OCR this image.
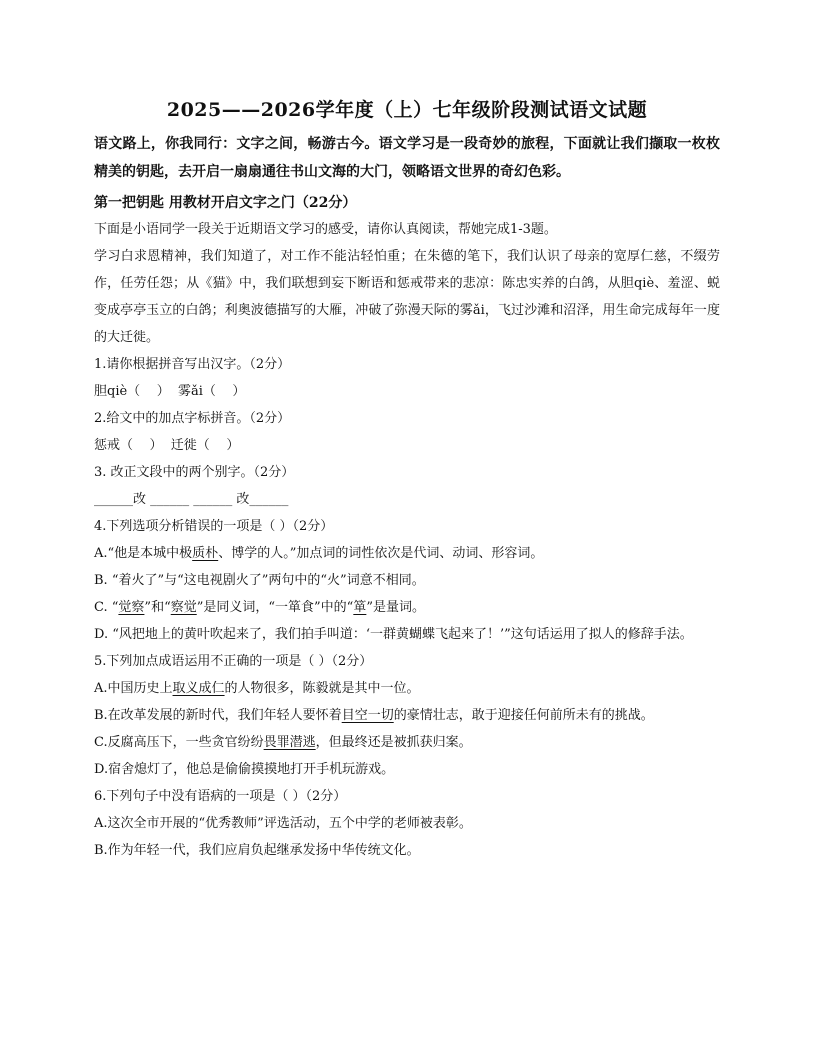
2025——2026学年度（上）七年级阶段测试语文试题
语文路上，你我同行：文字之间，畅游古今。语文学习是一段奇妙的旅程，下面就让我们撷取一枚枚精美的钥匙，去开启一扇扇通往书山文海的大门，领略语文世界的奇幻色彩。
第一把钥匙 用教材开启文字之门（22分）

下面是小语同学一段关于近期语文学习的感受，请你认真阅读，帮她完成1-3题。

学习白求恩精神，我们知道了，对工作不能沾轻怕重；在朱德的笔下，我们认识了母亲的宽厚仁慈，不缀劳作，任劳任怨；从《猫》中，我们联想到妄下断语和惩戒带来的悲凉：陈忠实养的白鸽，从胆qiè、羞涩、蜕变成亭亭玉立的白鸽；利奥波德描写的大雁，冲破了弥漫天际的雾ǎi，飞过沙滩和沼泽，用生命完成每年一度的大迁徙。

1.请你根据拼音写出汉字。（2分）

胆qiè（    ）  雾ǎi（    ）

2.给文中的加点字标拼音。（2分）

惩戒（    ）  迁徙（    ）

3. 改正文段中的两个别字。（2分）

______改 ______ ______ 改______

4.下列选项分析错误的一项是（ ）（2分）

A.“他是本城中极质朴、博学的人。”加点词的词性依次是代词、动词、形容词。

B. “着火了”与“这电视剧火了”两句中的“火”词意不相同。

C. “觉察”和“察觉”是同义词，“一箪食”中的“箪”是量词。

D. “风把地上的黄叶吹起来了，我们拍手叫道：‘一群黄蝴蝶飞起来了！’”这句话运用了拟人的修辞手法。

5.下列加点成语运用不正确的一项是（ ）（2分）

A.中国历史上取义成仁的人物很多，陈毅就是其中一位。

B.在改革发展的新时代，我们年轻人要怀着目空一切的豪情壮志，敢于迎接任何前所未有的挑战。

C.反腐高压下，一些贪官纷纷畏罪潜逃，但最终还是被抓获归案。

D.宿舍熄灯了，他总是偷偷摸摸地打开手机玩游戏。

6.下列句子中没有语病的一项是（ ）（2分）

A.这次全市开展的“优秀教师”评选活动，五个中学的老师被表彰。

B.作为年轻一代，我们应肩负起继承发扬中华传统文化。
